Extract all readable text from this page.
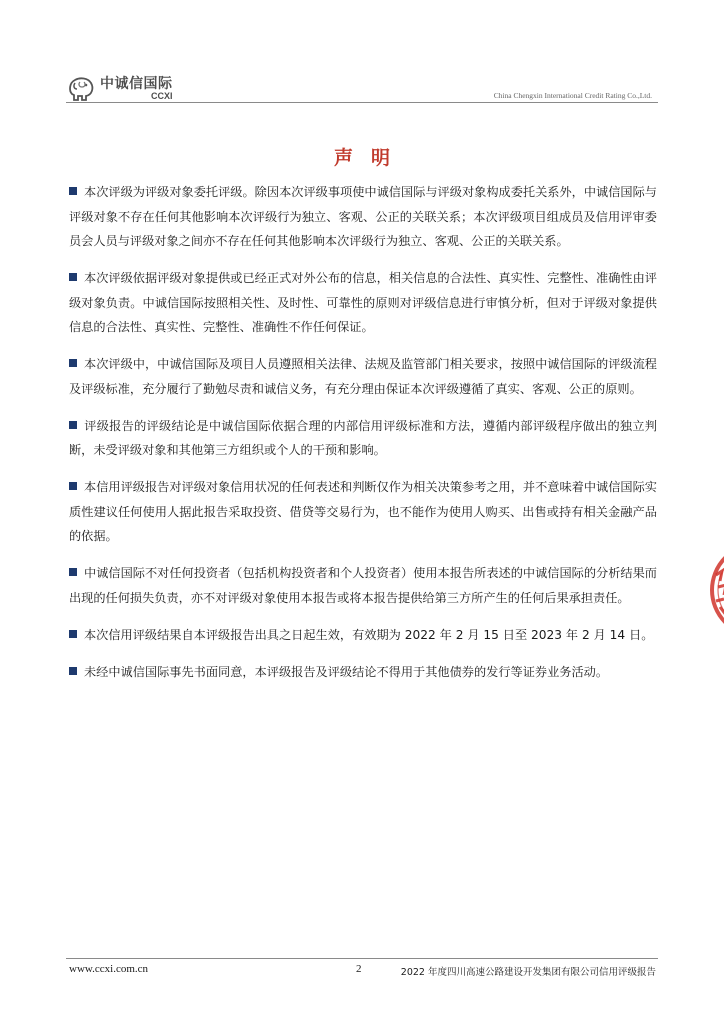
中诚信国际
CCXI	China Chengxin International Credit Rating Co.,Ltd.
声明
本次评级为评级对象委托评级。除因本次评级事项使中诚信国际与评级对象构成委托关系外，中诚信国际与评级对象不存在任何其他影响本次评级行为独立、客观、公正的关联关系；本次评级项目组成员及信用评审委员会人员与评级对象之间亦不存在任何其他影响本次评级行为独立、客观、公正的关联关系。
本次评级依据评级对象提供或已经正式对外公布的信息，相关信息的合法性、真实性、完整性、准确性由评级对象负责。中诚信国际按照相关性、及时性、可靠性的原则对评级信息进行审慎分析，但对于评级对象提供信息的合法性、真实性、完整性、准确性不作任何保证。
本次评级中，中诚信国际及项目人员遵照相关法律、法规及监管部门相关要求，按照中诚信国际的评级流程及评级标准，充分履行了勤勉尽责和诚信义务，有充分理由保证本次评级遵循了真实、客观、公正的原则。
评级报告的评级结论是中诚信国际依据合理的内部信用评级标准和方法，遵循内部评级程序做出的独立判断，未受评级对象和其他第三方组织或个人的干预和影响。
本信用评级报告对评级对象信用状况的任何表述和判断仅作为相关决策参考之用，并不意味着中诚信国际实质性建议任何使用人据此报告采取投资、借贷等交易行为，也不能作为使用人购买、出售或持有相关金融产品的依据。
中诚信国际不对任何投资者（包括机构投资者和个人投资者）使用本报告所表述的中诚信国际的分析结果而出现的任何损失负责，亦不对评级对象使用本报告或将本报告提供给第三方所产生的任何后果承担责任。
本次信用评级结果自本评级报告出具之日起生效，有效期为 2022 年 2 月 15 日至 2023 年 2 月 14 日。
未经中诚信国际事先书面同意，本评级报告及评级结论不得用于其他债券的发行等证券业务活动。
www.ccxi.com.cn	2	2022 年度四川高速公路建设开发集团有限公司信用评级报告
